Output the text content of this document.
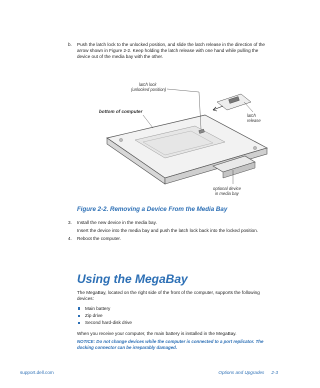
b. Push the latch lock to the unlocked position, and slide the latch release in the direction of the arrow shown in Figure 2-2. Keep holding the latch release with one hand while pulling the device out of the media bay with the other.
latch lock
(unlocked position)
latch
release
bottom of computer
optional device
in media bay
Figure 2-2. Removing a Device From the Media Bay
3. Install the new device in the media bay.
Insert the device into the media bay and push the latch lock back into the locked position.
4. Reboot the computer.
Using the MegaBay
The MegaBay, located on the right side of the front of the computer, supports the following devices:
Main battery
Zip drive
Second hard-disk drive
When you receive your computer, the main battery is installed in the MegaBay.
NOTICE: Do not change devices while the computer is connected to a port replicator. The docking connector can be irreparably damaged.
support.dell.com	Options and Upgrades 2-3
